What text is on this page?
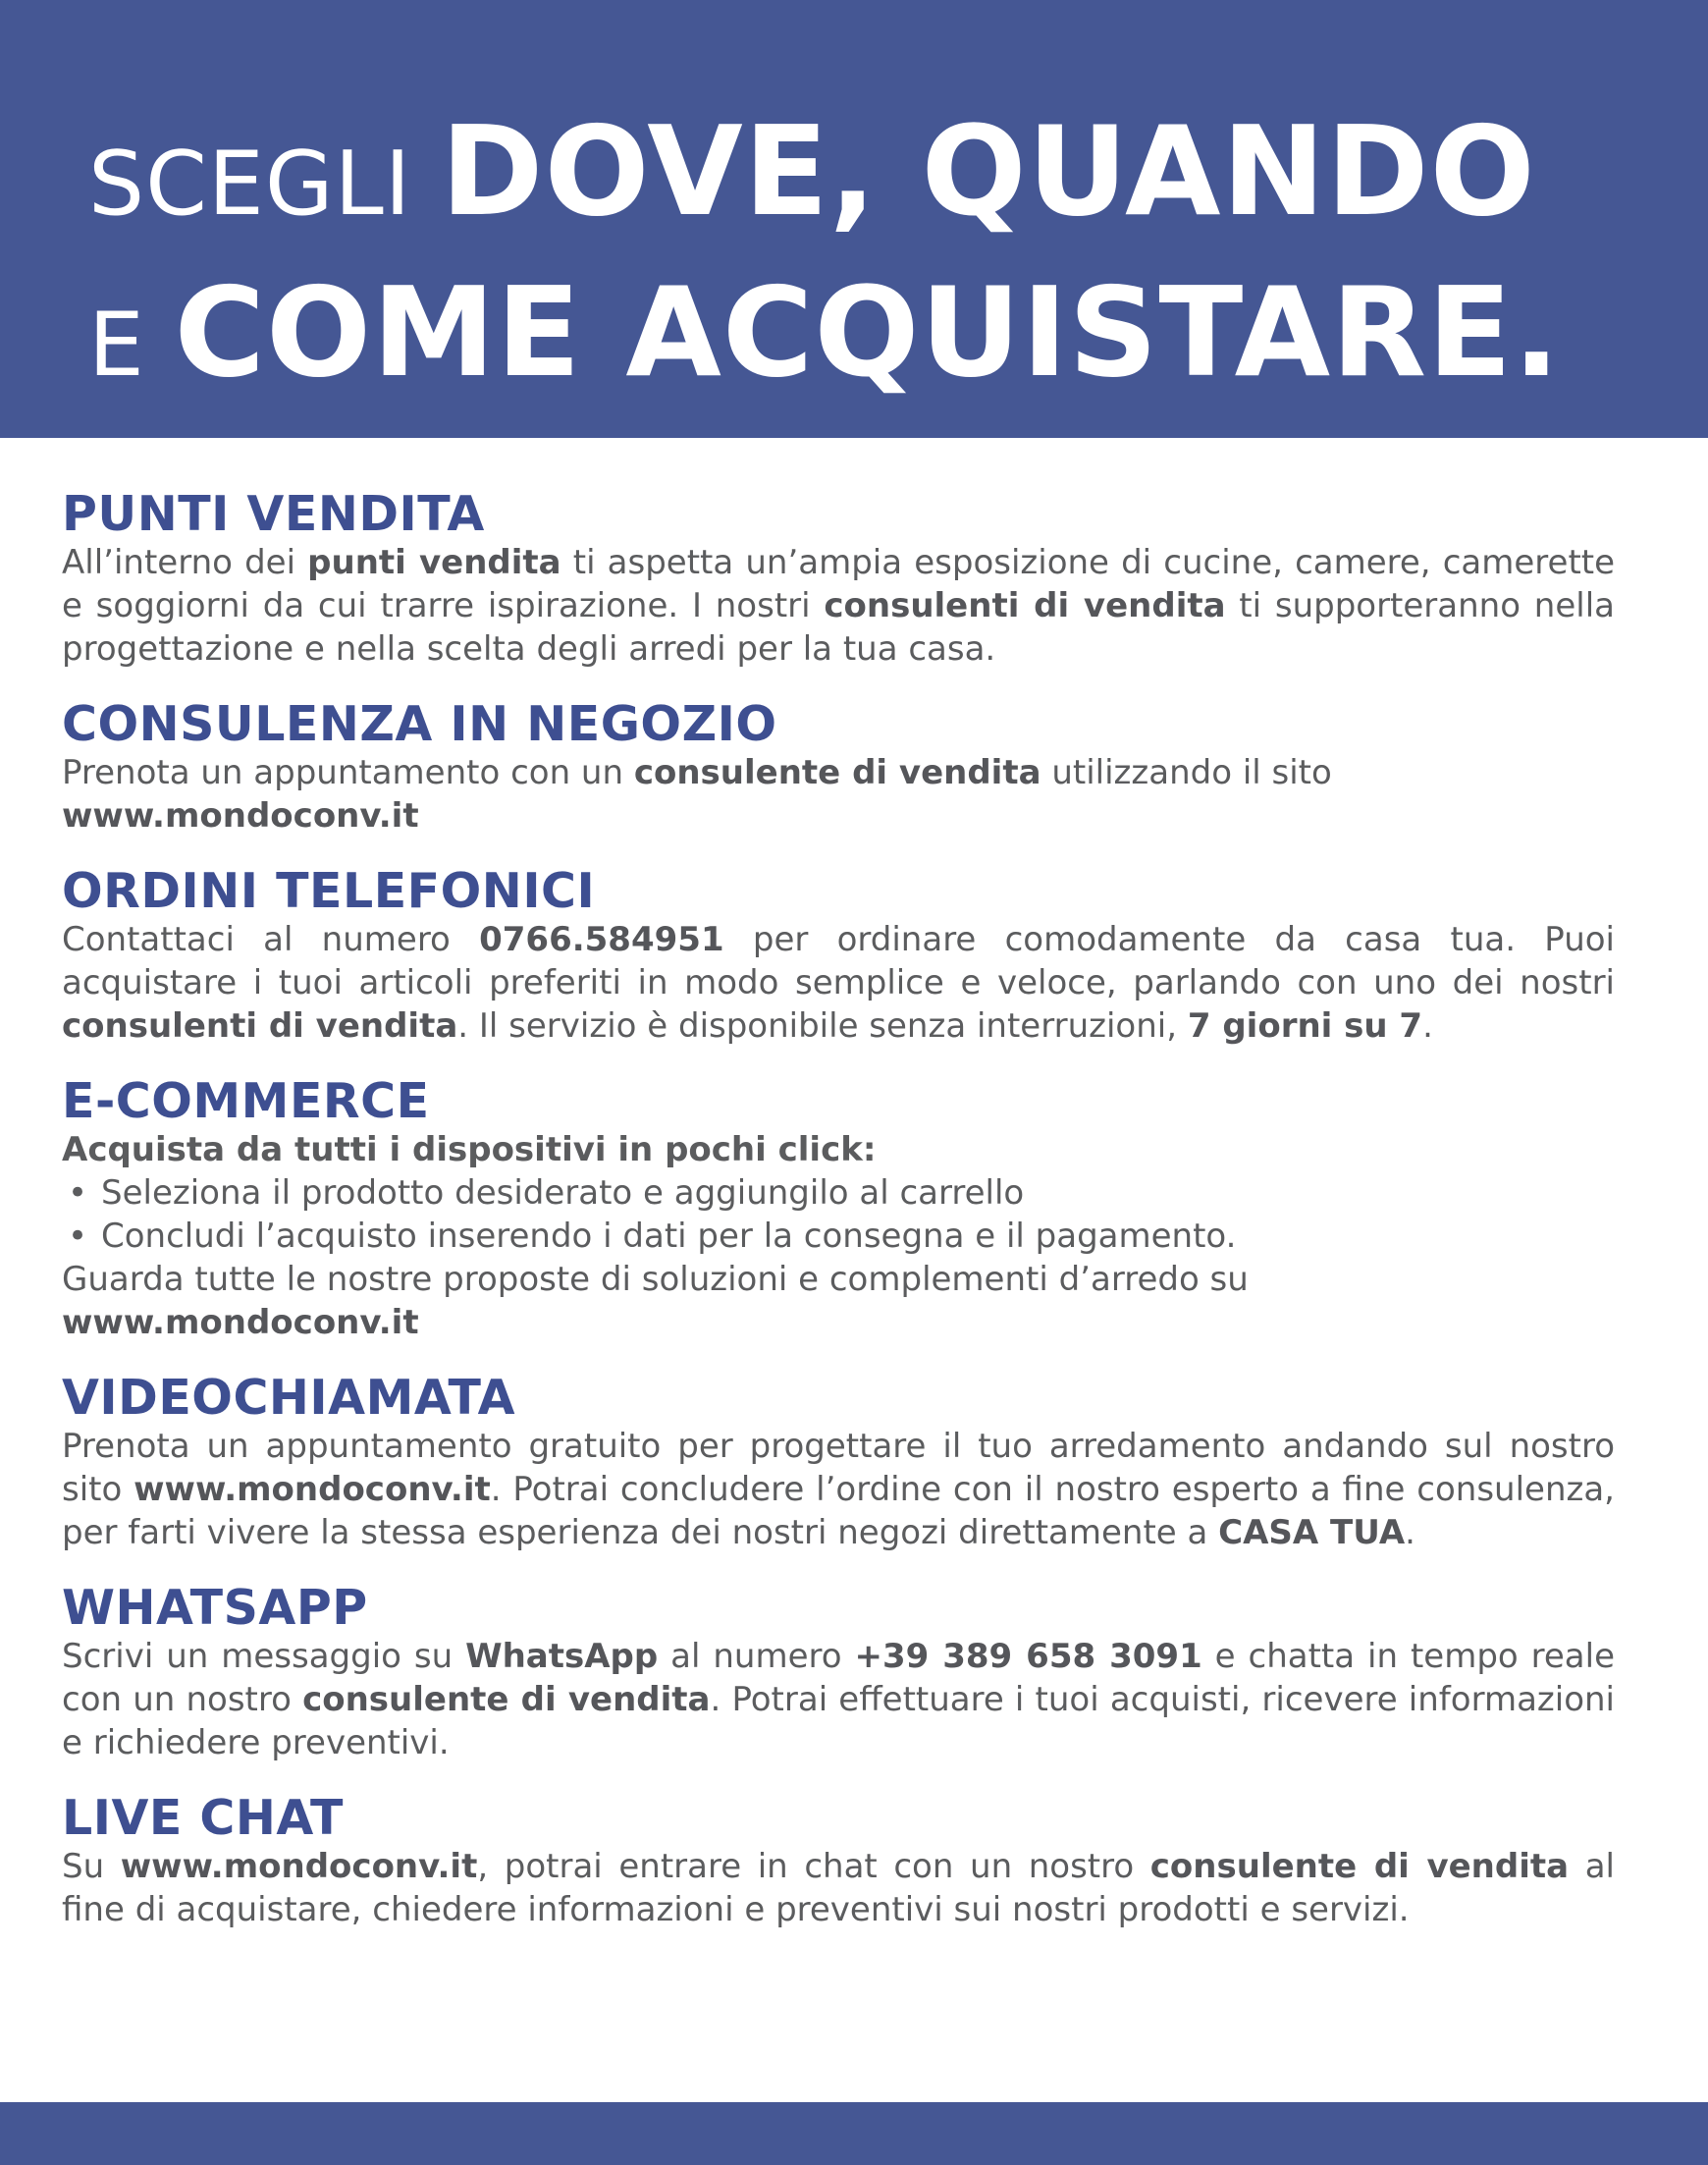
SCEGLI DOVE, QUANDO
E COME ACQUISTARE.
PUNTI VENDITA

All’interno dei punti vendita ti aspetta un’ampia esposizione di cucine, camere, camerette e soggiorni da cui trarre ispirazione. I nostri consulenti di vendita ti supporteranno nella progettazione e nella scelta degli arredi per la tua casa.

CONSULENZA IN NEGOZIO

Prenota un appuntamento con un consulente di vendita utilizzando il sito www.mondoconv.it

ORDINI TELEFONICI

Contattaci al numero 0766.584951 per ordinare comodamente da casa tua. Puoi acquistare i tuoi articoli preferiti in modo semplice e veloce, parlando con uno dei nostri consulenti di vendita. Il servizio è disponibile senza interruzioni, 7 giorni su 7.

E-COMMERCE

Acquista da tutti i dispositivi in pochi click:

• Seleziona il prodotto desiderato e aggiungilo al carrello
• Concludi l’acquisto inserendo i dati per la consegna e il pagamento.

Guarda tutte le nostre proposte di soluzioni e complementi d’arredo su www.mondoconv.it

VIDEOCHIAMATA

Prenota un appuntamento gratuito per progettare il tuo arredamento andando sul nostro sito www.mondoconv.it. Potrai concludere l’ordine con il nostro esperto a fine consulenza, per farti vivere la stessa esperienza dei nostri negozi direttamente a CASA TUA.

WHATSAPP

Scrivi un messaggio su WhatsApp al numero +39 389 658 3091 e chatta in tempo reale con un nostro consulente di vendita. Potrai effettuare i tuoi acquisti, ricevere informazioni e richiedere preventivi.

LIVE CHAT

Su www.mondoconv.it, potrai entrare in chat con un nostro consulente di vendita al fine di acquistare, chiedere informazioni e preventivi sui nostri prodotti e servizi.
